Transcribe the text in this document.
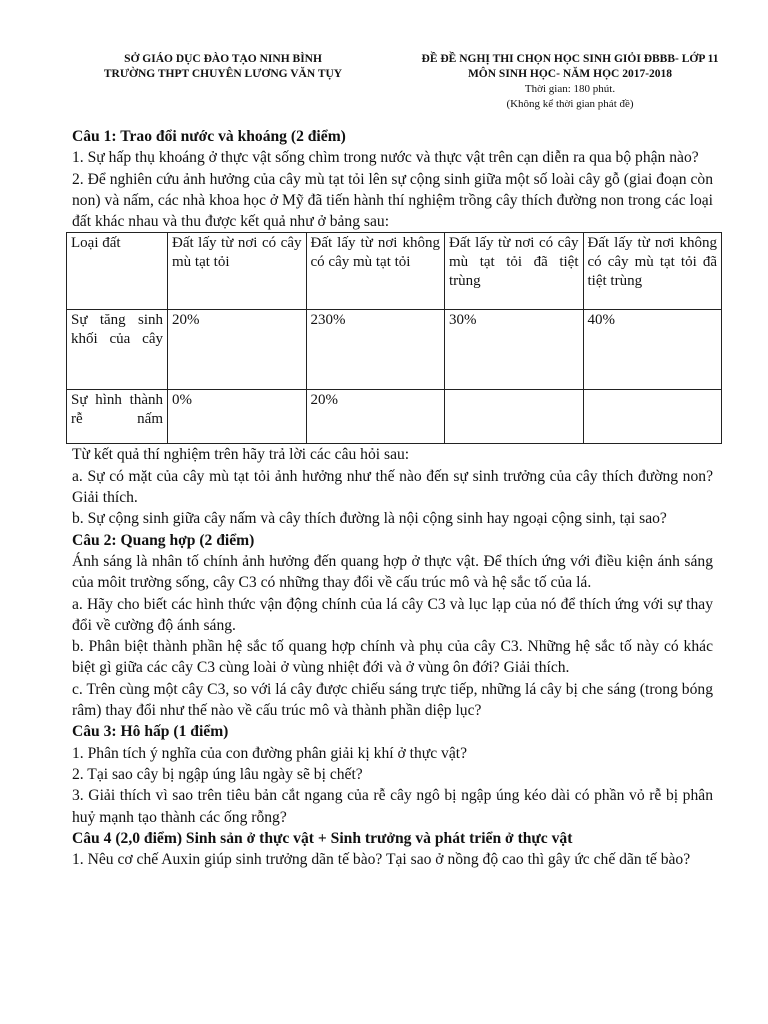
SỞ GIÁO DỤC ĐÀO TẠO NINH BÌNH
TRƯỜNG THPT CHUYÊN LƯƠNG VĂN TỤY
ĐỀ ĐỀ NGHỊ THI CHỌN HỌC SINH GIỎI ĐBBB- LỚP 11
MÔN SINH HỌC- NĂM HỌC 2017-2018
Thời gian: 180 phút.
(Không kể thời gian phát đề)

Câu 1: Trao đổi nước và khoáng (2 điểm)

1. Sự hấp thụ khoáng ở thực vật sống chìm trong nước và thực vật trên cạn diễn ra qua bộ phận nào?

2. Để nghiên cứu ảnh hưởng của cây mù tạt tỏi lên sự cộng sinh giữa một số loài cây gỗ (giai đoạn còn non) và nấm, các nhà khoa học ở Mỹ đã tiến hành thí nghiệm trồng cây thích đường non trong các loại đất khác nhau và thu được kết quả như ở bảng sau:

Loại đất	Đất lấy từ nơi có cây mù tạt tỏi	Đất lấy từ nơi không có cây mù tạt tỏi	Đất lấy từ nơi có cây mù tạt tỏi đã tiệt trùng	Đất lấy từ nơi không có cây mù tạt tỏi đã tiệt trùng
Sự tăng sinh khối của cây	20%	230%	30%	40%
Sự hình thành rễ nấm	0%	20%		

Từ kết quả thí nghiệm trên hãy trả lời các câu hỏi sau:

a. Sự có mặt của cây mù tạt tỏi ảnh hưởng như thế nào đến sự sinh trưởng của cây thích đường non? Giải thích.

b. Sự cộng sinh giữa cây nấm và cây thích đường là nội cộng sinh hay ngoại cộng sinh, tại sao?

Câu 2: Quang hợp (2 điểm)

Ánh sáng là nhân tố chính ảnh hưởng đến quang hợp ở thực vật. Để thích ứng với điều kiện ánh sáng của môit trường sống, cây C3 có những thay đổi về cấu trúc mô và hệ sắc tố của lá.

a. Hãy cho biết các hình thức vận động chính của lá cây C3 và lục lạp của nó để thích ứng với sự thay đổi về cường độ ánh sáng.

b. Phân biệt thành phần hệ sắc tố quang hợp chính và phụ của cây C3. Những hệ sắc tố này có khác biệt gì giữa các cây C3 cùng loài ở vùng nhiệt đới và ở vùng ôn đới? Giải thích.

c. Trên cùng một cây C3, so với lá cây được chiếu sáng trực tiếp, những lá cây bị che sáng (trong bóng râm) thay đổi như thế nào về cấu trúc mô và thành phần diệp lục?

Câu 3: Hô hấp (1 điểm)

1. Phân tích ý nghĩa của con đường phân giải kị khí ở thực vật?

2. Tại sao cây bị ngập úng lâu ngày sẽ bị chết?

3. Giải thích vì sao trên tiêu bản cắt ngang của rễ cây ngô bị ngập úng kéo dài có phần vỏ rễ bị phân huỷ mạnh tạo thành các ống rỗng?

Câu 4 (2,0 điểm) Sinh sản ở thực vật + Sinh trưởng và phát triển ở thực vật

1. Nêu cơ chế Auxin giúp sinh trưởng dãn tế bào? Tại sao ở nồng độ cao thì gây ức chế dãn tế bào?
